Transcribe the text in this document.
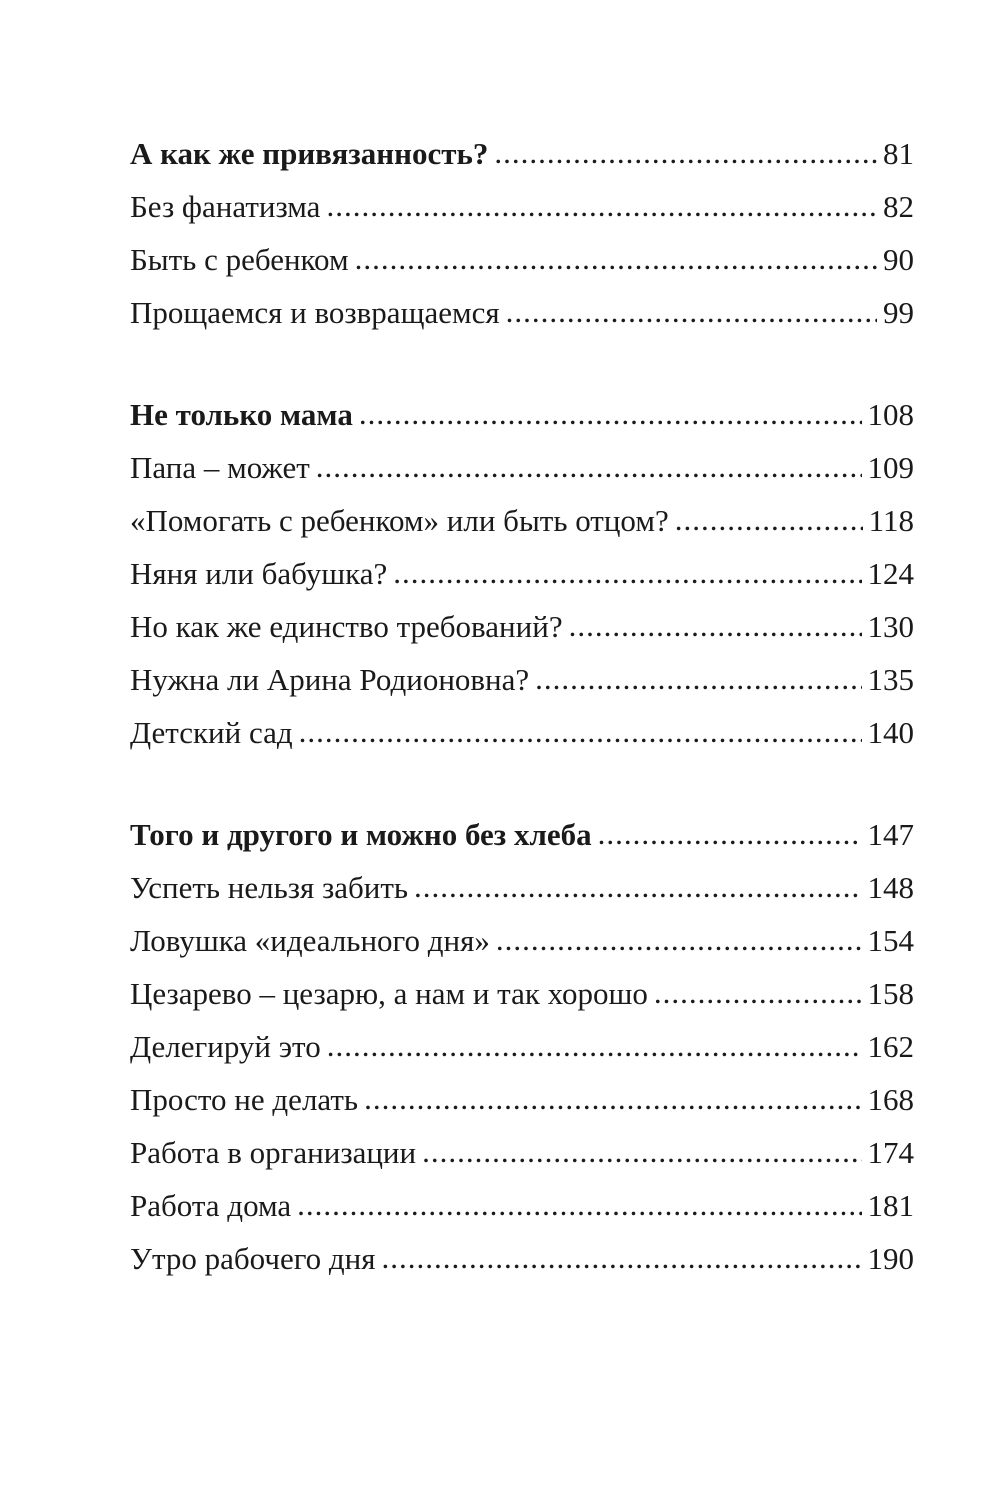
А как же привязанность? .....	81
Без фанатизма .....	82
Быть с ребенком .....	90
Прощаемся и возвращаемся .....	99
Не только мама .....	108
Папа – может .....	109
«Помогать с ребенком» или быть отцом? .....	118
Няня или бабушка? .....	124
Но как же единство требований? .....	130
Нужна ли Арина Родионовна? .....	135
Детский сад .....	140
Того и другого и можно без хлеба .....	147
Успеть нельзя забить .....	148
Ловушка «идеального дня» .....	154
Цезарево – цезарю, а нам и так хорошо .....	158
Делегируй это .....	162
Просто не делать .....	168
Работа в организации .....	174
Работа дома .....	181
Утро рабочего дня .....	190
